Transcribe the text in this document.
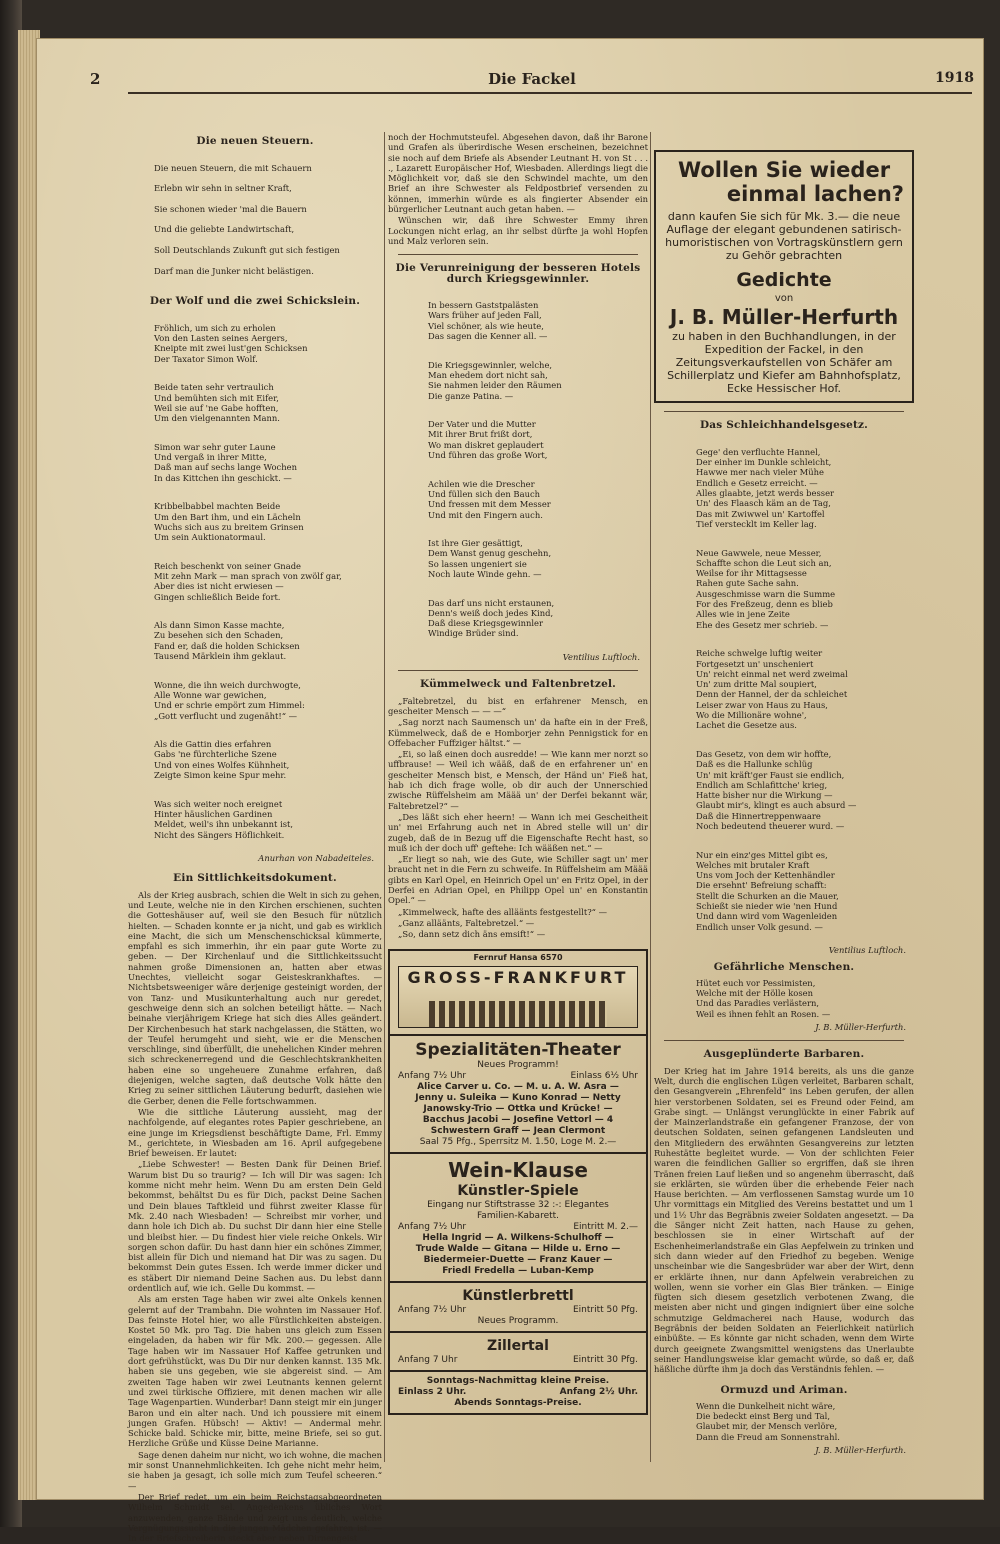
2	Die Fackel	1918
Die neuen Steuern.

Die neuen Steuern, die mit Schauern

Erlebn wir sehn in seltner Kraft,

Sie schonen wieder 'mal die Bauern

Und die geliebte Landwirtschaft,

Soll Deutschlands Zukunft gut sich festigen

Darf man die Junker nicht belästigen.

Der Wolf und die zwei Schickslein.

Fröhlich, um sich zu erholen
Von den Lasten seines Aergers,
Kneipte mit zwei lust'gen Schicksen
Der Taxator Simon Wolf.

Beide taten sehr vertraulich
Und bemühten sich mit Eifer,
Weil sie auf 'ne Gabe hofften,
Um den vielgenannten Mann.

Simon war sehr guter Laune
Und vergaß in ihrer Mitte,
Daß man auf sechs lange Wochen
In das Kittchen ihn geschickt. —

Kribbelbabbel machten Beide
Um den Bart ihm, und ein Lächeln
Wuchs sich aus zu breitem Grinsen
Um sein Auktionatormaul.

Reich beschenkt von seiner Gnade
Mit zehn Mark — man sprach von zwölf gar,
Aber dies ist nicht erwiesen —
Gingen schließlich Beide fort.

Als dann Simon Kasse machte,
Zu besehen sich den Schaden,
Fand er, daß die holden Schicksen
Tausend Märklein ihm geklaut.

Wonne, die ihn weich durchwogte,
Alle Wonne war gewichen,
Und er schrie empört zum Himmel:
„Gott verflucht und zugenäht!“ —

Als die Gattin dies erfahren
Gabs 'ne fürchterliche Szene
Und von eines Wolfes Kühnheit,
Zeigte Simon keine Spur mehr.

Was sich weiter noch ereignet
Hinter häuslichen Gardinen
Meldet, weil's ihn unbekannt ist,
Nicht des Sängers Höflichkeit.

Anurhan von Nabadeiteles.
Ein Sittlichkeitsdokument.

Als der Krieg ausbrach, schien die Welt in sich zu gehen, und Leute, welche nie in den Kirchen erschienen, suchten die Gotteshäuser auf, weil sie den Besuch für nützlich hielten. — Schaden konnte er ja nicht, und gab es wirklich eine Macht, die sich um Menschenschicksal kümmerte, empfahl es sich immerhin, ihr ein paar gute Worte zu geben. — Der Kirchenlauf und die Sittlichkeitssucht nahmen große Dimensionen an, hatten aber etwas Unechtes, vielleicht sogar Geisteskrankhaftes. — Nichtsbetsweeniger wäre derjenige gesteinigt worden, der von Tanz- und Musikunterhaltung auch nur geredet, geschweige denn sich an solchen beteiligt hätte. — Nach beinahe vierjährigem Kriege hat sich dies Alles geändert. Der Kirchenbesuch hat stark nachgelassen, die Stätten, wo der Teufel herumgeht und sieht, wie er die Menschen verschlinge, sind überfüllt, die unehelichen Kinder mehren sich schreckenerregend und die Geschlechtskrankheiten haben eine so ungeheuere Zunahme erfahren, daß diejenigen, welche sagten, daß deutsche Volk hätte den Krieg zu seiner sittlichen Läuterung bedurft, dasiehen wie die Gerber, denen die Felle fortschwammen.

Wie die sittliche Läuterung aussieht, mag der nachfolgende, auf elegantes rotes Papier geschriebene, an eine junge im Kriegsdienst beschäftigte Dame, Frl. Emmy M., gerichtete, in Wiesbaden am 16. April aufgegebene Brief beweisen. Er lautet:

„Liebe Schwester! — Besten Dank für Deinen Brief. Warum bist Du so traurig? — Ich will Dir was sagen: Ich komme nicht mehr heim. Wenn Du am ersten Dein Geld bekommst, behältst Du es für Dich, packst Deine Sachen und Dein blaues Taftkleid und führst zweiter Klasse für Mk. 2.40 nach Wiesbaden! — Schreibst mir vorher, und dann hole ich Dich ab. Du suchst Dir dann hier eine Stelle und bleibst hier. — Du findest hier viele reiche Onkels. Wir sorgen schon dafür. Du hast dann hier ein schönes Zimmer, bist allein für Dich und niemand hat Dir was zu sagen. Du bekommst Dein gutes Essen. Ich werde immer dicker und es stäbert Dir niemand Deine Sachen aus. Du lebst dann ordentlich auf, wie ich. Gelle Du kommst. —

Als am ersten Tage haben wir zwei alte Onkels kennen gelernt auf der Trambahn. Die wohnten im Nassauer Hof. Das feinste Hotel hier, wo alle Fürstlichkeiten absteigen. Kostet 50 Mk. pro Tag. Die haben uns gleich zum Essen eingeladen, da haben wir für Mk. 200.— gegessen. Alle Tage haben wir im Nassauer Hof Kaffee getrunken und dort gefrühstückt, was Du Dir nur denken kannst. 135 Mk. haben sie uns gegeben, wie sie abgereist sind. — Am zweiten Tage haben wir zwei Leutnants kennen gelernt und zwei türkische Offiziere, mit denen machen wir alle Tage Wagenpartien. Wunderbar! Dann steigt mir ein junger Baron und ein alter nach. Und ich poussiere mit einem jungen Grafen. Hübsch! — Aktiv! — Andermal mehr. Schicke bald. Schicke mir, bitte, meine Briefe, sei so gut. Herzliche Grüße und Küsse Deine Marianne.

Sage denen daheim nur nicht, wo ich wohne, die machen mir sonst Unannehmlichkeiten. Ich gehe nicht mehr heim, sie haben ja gesagt, ich solle mich zum Teufel scheeren.“ —

Der Brief redet, um ein beim Reichstagsabgeordneten Wilhelm Schmidt sel. Angedenkens übliches Wort anzuwenden, ganze Bände und zeigt uns deutlich, welche Vergnügungssucht in die jungen Mädchen gefahren ist. — In der Briefschreiberin steckt aber neben Dirnengeist

noch der Hochmutsteufel. Abgesehen davon, daß ihr Barone und Grafen als überirdische Wesen erscheinen, bezeichnet sie noch auf dem Briefe als Absender Leutnant H. von St . . . ., Lazarett Europäischer Hof, Wiesbaden. Allerdings liegt die Möglichkeit vor, daß sie den Schwindel machte, um den Brief an ihre Schwester als Feldpostbrief versenden zu können, immerhin würde es als fingierter Absender ein bürgerlicher Leutnant auch getan haben. —

Wünschen wir, daß ihre Schwester Emmy ihren Lockungen nicht erlag, an ihr selbst dürfte ja wohl Hopfen und Malz verloren sein.

Die Verunreinigung der besseren Hotels durch Kriegsgewinnler.

In bessern Gaststpalästen
Wars früher auf jeden Fall,
Viel schöner, als wie heute,
Das sagen die Kenner all. —

Die Kriegsgewinnler, welche,
Man ehedem dort nicht sah,
Sie nahmen leider den Räumen
Die ganze Patina. —

Der Vater und die Mutter
Mit ihrer Brut frißt dort,
Wo man diskret geplaudert
Und führen das große Wort,

Achilen wie die Drescher
Und füllen sich den Bauch
Und fressen mit dem Messer
Und mit den Fingern auch.

Ist ihre Gier gesättigt,
Dem Wanst genug geschehn,
So lassen ungeniert sie
Noch laute Winde gehn. —

Das darf uns nicht erstaunen,
Denn's weiß doch jedes Kind,
Daß diese Kriegsgewinnler
Windige Brüder sind.

Ventilius Luftloch.
Kümmelweck und Faltenbretzel.

„Faltebretzel, du bist en erfahrener Mensch, en gescheiter Mensch — — —“

„Sag norzt nach Saumensch un' da hafte ein in der Freß, Kümmelweck, daß de e Homborjer zehn Pennigstick for en Offebacher Fuffziger hältst.“ —

„Ei, so laß einen doch ausredde! — Wie kann mer norzt so uffbrause! — Weil ich wääß, daß de en erfahrener un' en gescheiter Mensch bist, e Mensch, der Händ un' Fieß hat, hab ich dich frage wolle, ob dir auch der Unnerschied zwische Rüffelsheim am Määä un' der Derfei bekannt wär, Faltebretzel?“ —

„Des läßt sich eher heern! — Wann ich mei Gescheitheit un' mei Erfahrung auch net in Abred stelle will un' dir zugeb, daß de in Bezug uff die Eigenschafte Recht hast, so muß ich der doch uff' geftehe: Ich wääßen net.“ —

„Er liegt so nah, wie des Gute, wie Schiller sagt un' mer braucht net in die Fern zu schweife. In Rüffelsheim am Määä gibts en Karl Opel, en Heinrich Opel un' en Fritz Opel, in der Derfei en Adrian Opel, en Philipp Opel un' en Konstantin Opel.“ —

„Kimmelweck, hafte des alläänts festgestellt?“ —

„Ganz alläänts, Faltebretzel.“ —

„So, dann setz dich äns emsift!“ —

Fernruf Hansa 6570
GROSS-FRANKFURT
Spezialitäten-Theater
Neues Programm!
Anfang 7½ Uhr	Einlass 6½ Uhr
Alice Carver u. Co. — M. u. A. W. Asra —
Jenny u. Suleika — Kuno Konrad — Netty
Janowsky-Trio — Ottka und Krücke! —
Bacchus Jacobi — Josefine Vettorl — 4
Schwestern Graff — Jean Clermont
Saal 75 Pfg., Sperrsitz M. 1.50, Loge M. 2.—
Wein-Klause
Künstler-Spiele
Eingang nur Stiftstrasse 32 :-: Elegantes
Familien-Kabarett.
Anfang 7½ Uhr	Eintritt M. 2.—
Hella Ingrid — A. Wilkens-Schulhoff —
Trude Walde — Gitana — Hilde u. Erno —
Biedermeier-Duette — Franz Kauer —
Friedl Fredella — Luban-Kemp
Künstlerbrettl
Anfang 7½ Uhr	Eintritt 50 Pfg.
Neues Programm.
Zillertal
Anfang 7 Uhr	Eintritt 30 Pfg.
Sonntags-Nachmittag kleine Preise.
Einlass 2 Uhr.	Anfang 2½ Uhr.
Abends Sonntags-Preise.
Wollen Sie wieder
einmal lachen?
dann kaufen Sie sich für Mk. 3.— die neue Auflage der elegant gebundenen satirisch-humoristischen von Vortragskünstlern gern zu Gehör gebrachten
Gedichte
von
J. B. Müller-Herfurth
zu haben in den Buchhandlungen, in der Expedition der Fackel, in den Zeitungsverkaufstellen von Schäfer am Schillerplatz und Kiefer am Bahnhofsplatz, Ecke Hessischer Hof.
Das Schleichhandelsgesetz.

Gege' den verfluchte Hannel,
Der einher im Dunkle schleicht,
Hawwe mer nach vieler Mühe
Endlich e Gesetz erreicht. —
Alles glaabte, jetzt werds besser
Un' des Flaasch käm an de Tag,
Das mit Zwiwwel un' Kartoffel
Tief verstecklt im Keller lag.

Neue Gawwele, neue Messer,
Schaffte schon die Leut sich an,
Weilse for ihr Mittagsesse
Rahen gute Sache sahn.
Ausgeschmisse warn die Summe
For des Freßzeug, denn es blieb
Alles wie in jene Zeite
Ehe des Gesetz mer schrieb. —

Reiche schwelge luftig weiter
Fortgesetzt un' unscheniert
Un' reicht einmal net werd zweimal
Un' zum dritte Mal soupiert,
Denn der Hannel, der da schleichet
Leiser zwar von Haus zu Haus,
Wo die Millionäre wohne',
Lachet die Gesetze aus.

Das Gesetz, von dem wir hoffte,
Daß es die Hallunke schlüg
Un' mit kräft'ger Faust sie endlich,
Endlich am Schlafittche' krieg,
Hatte bisher nur die Wirkung —
Glaubt mir's, klingt es auch absurd —
Daß die Hinnertreppenwaare
Noch bedeutend theuerer wurd. —

Nur ein einz'ges Mittel gibt es,
Welches mit brutaler Kraft
Uns vom Joch der Kettenhändler
Die ersehnt' Befreiung schafft:
Stellt die Schurken an die Mauer,
Schießt sie nieder wie 'nen Hund
Und dann wird vom Wagenleiden
Endlich unser Volk gesund. —

Ventilius Luftloch.
Gefährliche Menschen.
Hütet euch vor Pessimisten,
Welche mit der Hölle kosen
Und das Paradies verlästern,
Weil es ihnen fehlt an Rosen. —
J. B. Müller-Herfurth.
Ausgeplünderte Barbaren.

Der Krieg hat im Jahre 1914 bereits, als uns die ganze Welt, durch die englischen Lügen verleitet, Barbaren schalt, den Gesangverein „Ehrenfeld“ ins Leben gerufen, der allen hier verstorbenen Soldaten, sei es Freund oder Feind, am Grabe singt. — Unlängst verunglückte in einer Fabrik auf der Mainzerlandstraße ein gefangener Franzose, der von deutschen Soldaten, seinen gefangenen Landsleuten und den Mitgliedern des erwähnten Gesangvereins zur letzten Ruhestätte begleitet wurde. — Von der schlichten Feier waren die feindlichen Gallier so ergriffen, daß sie ihren Tränen freien Lauf ließen und so angenehm überrascht, daß sie erklärten, sie würden über die erhebende Feier nach Hause berichten. — Am verflossenen Samstag wurde um 10 Uhr vormittags ein Mitglied des Vereins bestattet und um 1 und 1½ Uhr das Begräbnis zweier Soldaten angesetzt. — Da die Sänger nicht Zeit hatten, nach Hause zu gehen, beschlossen sie in einer Wirtschaft auf der Eschenheimerlandstraße ein Glas Aepfelwein zu trinken und sich dann wieder auf den Friedhof zu begeben. Wenige unscheinbar wie die Sangesbrüder war aber der Wirt, denn er erklärte ihnen, nur dann Apfelwein verabreichen zu wollen, wenn sie vorher ein Glas Bier tränken. — Einige fügten sich diesem gesetzlich verbotenen Zwang, die meisten aber nicht und gingen indigniert über eine solche schmutzige Geldmacherei nach Hause, wodurch das Begräbnis der beiden Soldaten an Feierlichkeit natürlich einbüßte. — Es könnte gar nicht schaden, wenn dem Wirte durch geeignete Zwangsmittel wenigstens das Unerlaubte seiner Handlungsweise klar gemacht würde, so daß er, daß häßliche dürfte ihm ja doch das Verständnis fehlen. —

Ormuzd und Ariman.
Wenn die Dunkelheit nicht wäre,
Die bedeckt einst Berg und Tal,
Glaubet mir, der Mensch verlöre,
Dann die Freud am Sonnenstrahl.
J. B. Müller-Herfurth.
